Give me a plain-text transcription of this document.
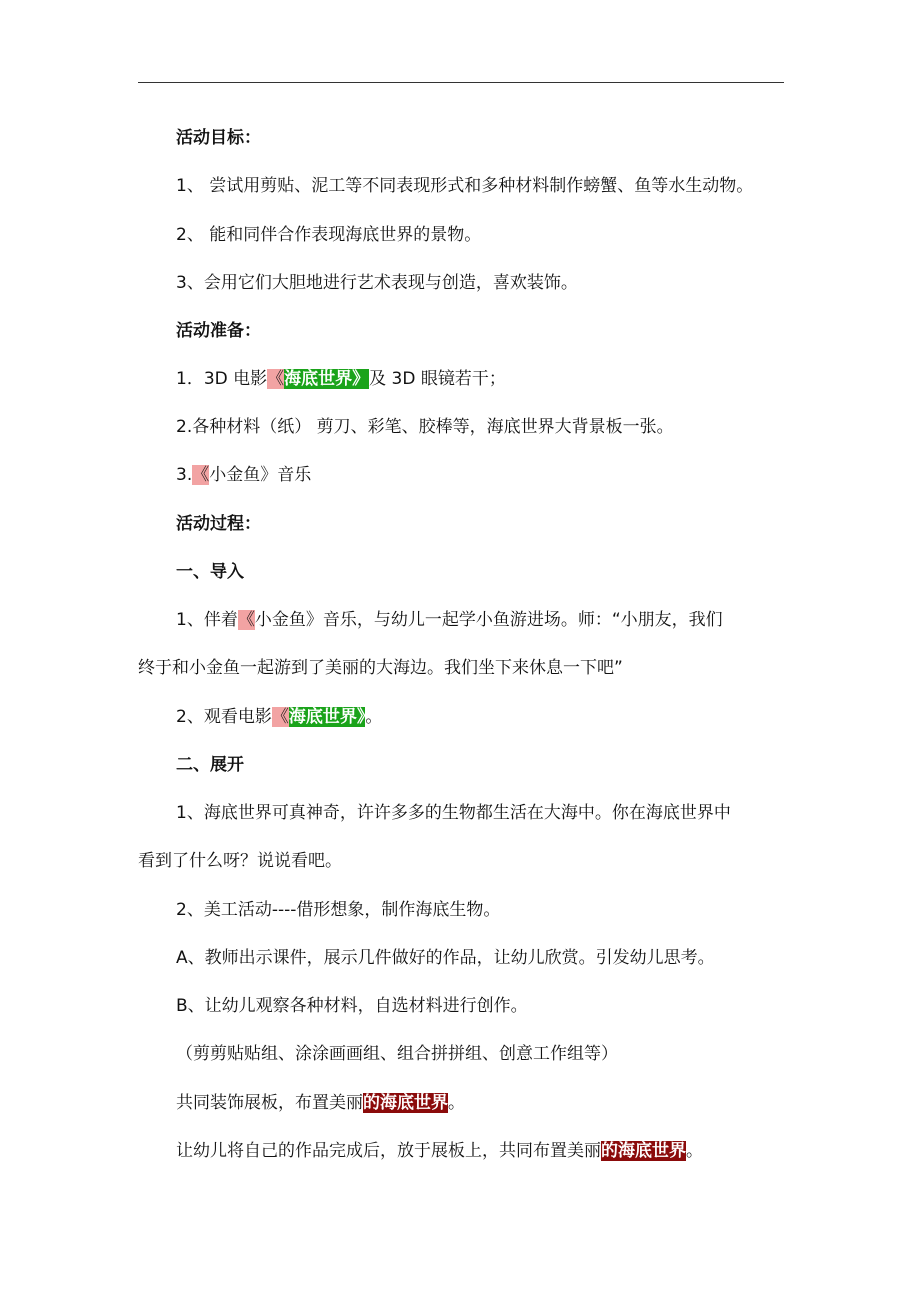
活动目标：
1、 尝试用剪贴、泥工等不同表现形式和多种材料制作螃蟹、鱼等水生动物。
2、 能和同伴合作表现海底世界的景物。
3、会用它们大胆地进行艺术表现与创造，喜欢装饰。
活动准备：
1．3D 电影《海底世界》及 3D 眼镜若干；
2.各种材料（纸） 剪刀、彩笔、胶棒等，海底世界大背景板一张。
3.《小金鱼》音乐
活动过程：
一、导入
1、伴着《小金鱼》音乐，与幼儿一起学小鱼游进场。师：“小朋友，我们
终于和小金鱼一起游到了美丽的大海边。我们坐下来休息一下吧”
2、观看电影《海底世界》。
二、展开
1、海底世界可真神奇，许许多多的生物都生活在大海中。你在海底世界中
看到了什么呀？说说看吧。
2、美工活动----借形想象，制作海底生物。
A、教师出示课件，展示几件做好的作品，让幼儿欣赏。引发幼儿思考。
B、让幼儿观察各种材料，自选材料进行创作。
（剪剪贴贴组、涂涂画画组、组合拼拼组、创意工作组等）
共同装饰展板，布置美丽的海底世界。
让幼儿将自己的作品完成后，放于展板上，共同布置美丽的海底世界。
